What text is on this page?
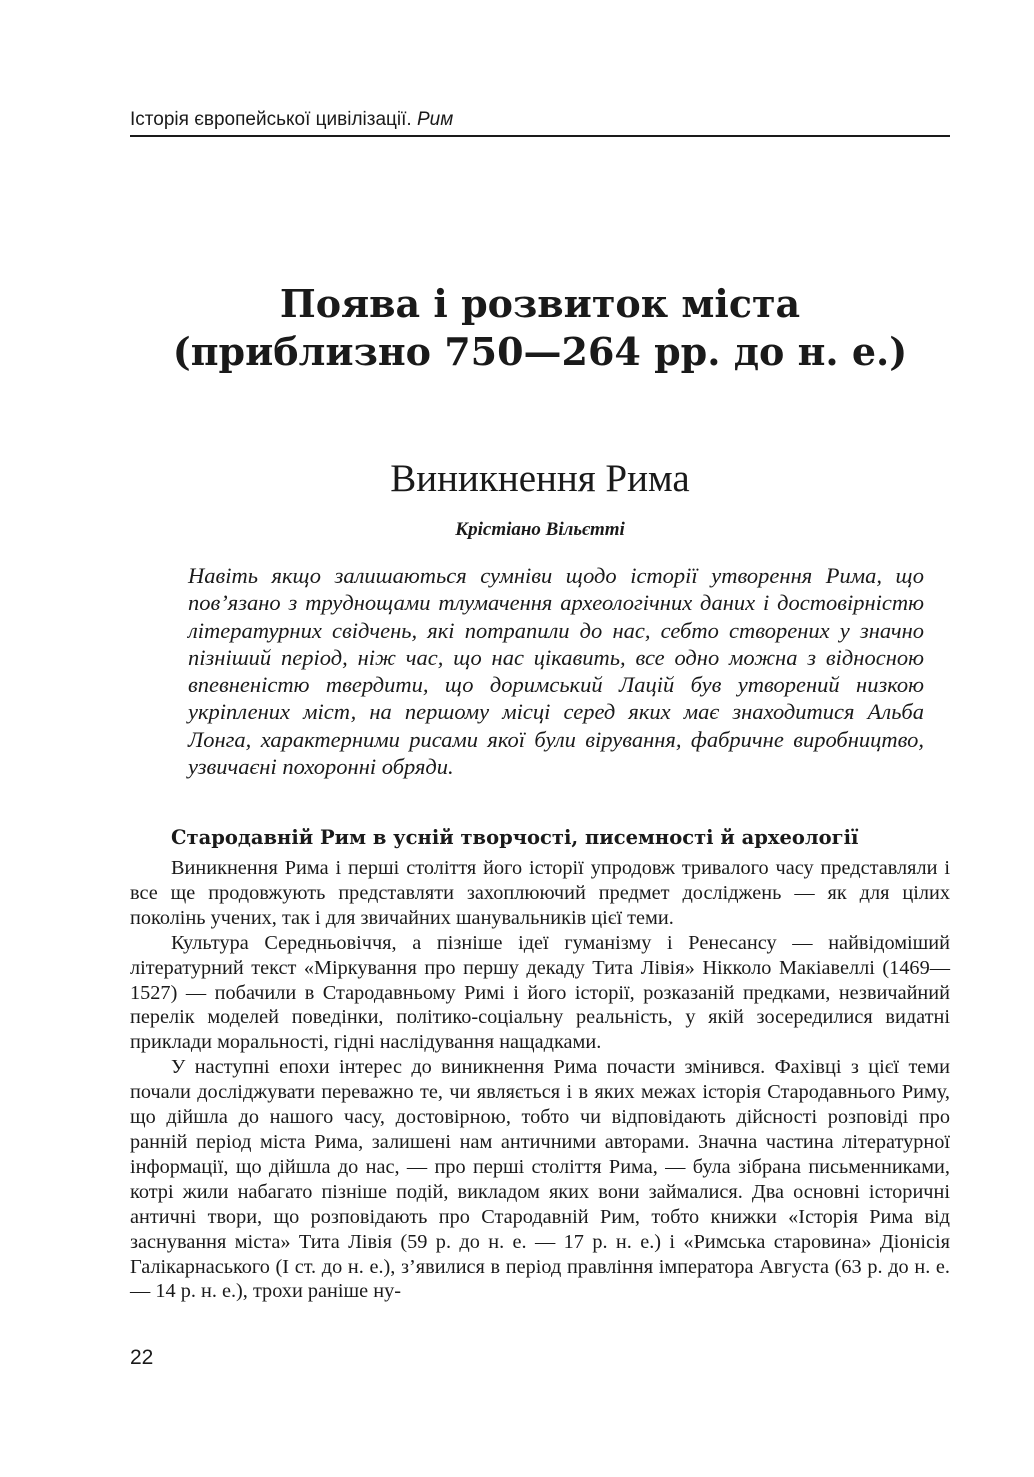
Історія європейської цивілізації. Рим
Поява і розвиток міста
(приблизно 750—264 рр. до н. е.)
Виникнення Рима
Крістіано Вільєтті

Навіть якщо залишаються сумніви щодо історії утворення Рима, що пов’язано з труднощами тлумачення археологічних даних і достовірністю літературних свідчень, які потрапили до нас, себто створених у значно пізніший період, ніж час, що нас цікавить, все одно можна з відносною впевненістю твердити, що доримський Лацій був утворений низкою укріплених міст, на першому місці серед яких має знаходитися Альба Лонга, характерними рисами якої були вірування, фабричне виробництво, узвичаєні похоронні обряди.

Стародавній Рим в усній творчості, писемності й археології

Виникнення Рима і перші століття його історії упродовж тривалого часу представляли і все ще продовжують представляти захоплюючий предмет досліджень — як для цілих поколінь учених, так і для звичайних шанувальників цієї теми.

Культура Середньовіччя, а пізніше ідеї гуманізму і Ренесансу — найвідоміший літературний текст «Міркування про першу декаду Тита Лівія» Нікколо Макіавеллі (1469—1527) — побачили в Стародавньому Римі і його історії, розказаній предками, незвичайний перелік моделей поведінки, політико-соціальну реальність, у якій зосередилися видатні приклади моральності, гідні наслідування нащадками.

У наступні епохи інтерес до виникнення Рима почасти змінився. Фахівці з цієї теми почали досліджувати переважно те, чи являється і в яких межах історія Стародавнього Риму, що дійшла до нашого часу, достовірною, тобто чи відповідають дійсності розповіді про ранній період міста Рима, залишені нам античними авторами. Значна частина літературної інформації, що дійшла до нас, — про перші століття Рима, — була зібрана письменниками, котрі жили набагато пізніше подій, викладом яких вони займалися. Два основні історичні античні твори, що розповідають про Стародавній Рим, тобто книжки «Історія Рима від заснування міста» Тита Лівія (59 р. до н. е. — 17 р. н. е.) і «Римська старовина» Діонісія Галікарнаського (I ст. до н. е.), з’явилися в період правління імператора Августа (63 р. до н. е. — 14 р. н. е.), трохи раніше ну-

22
